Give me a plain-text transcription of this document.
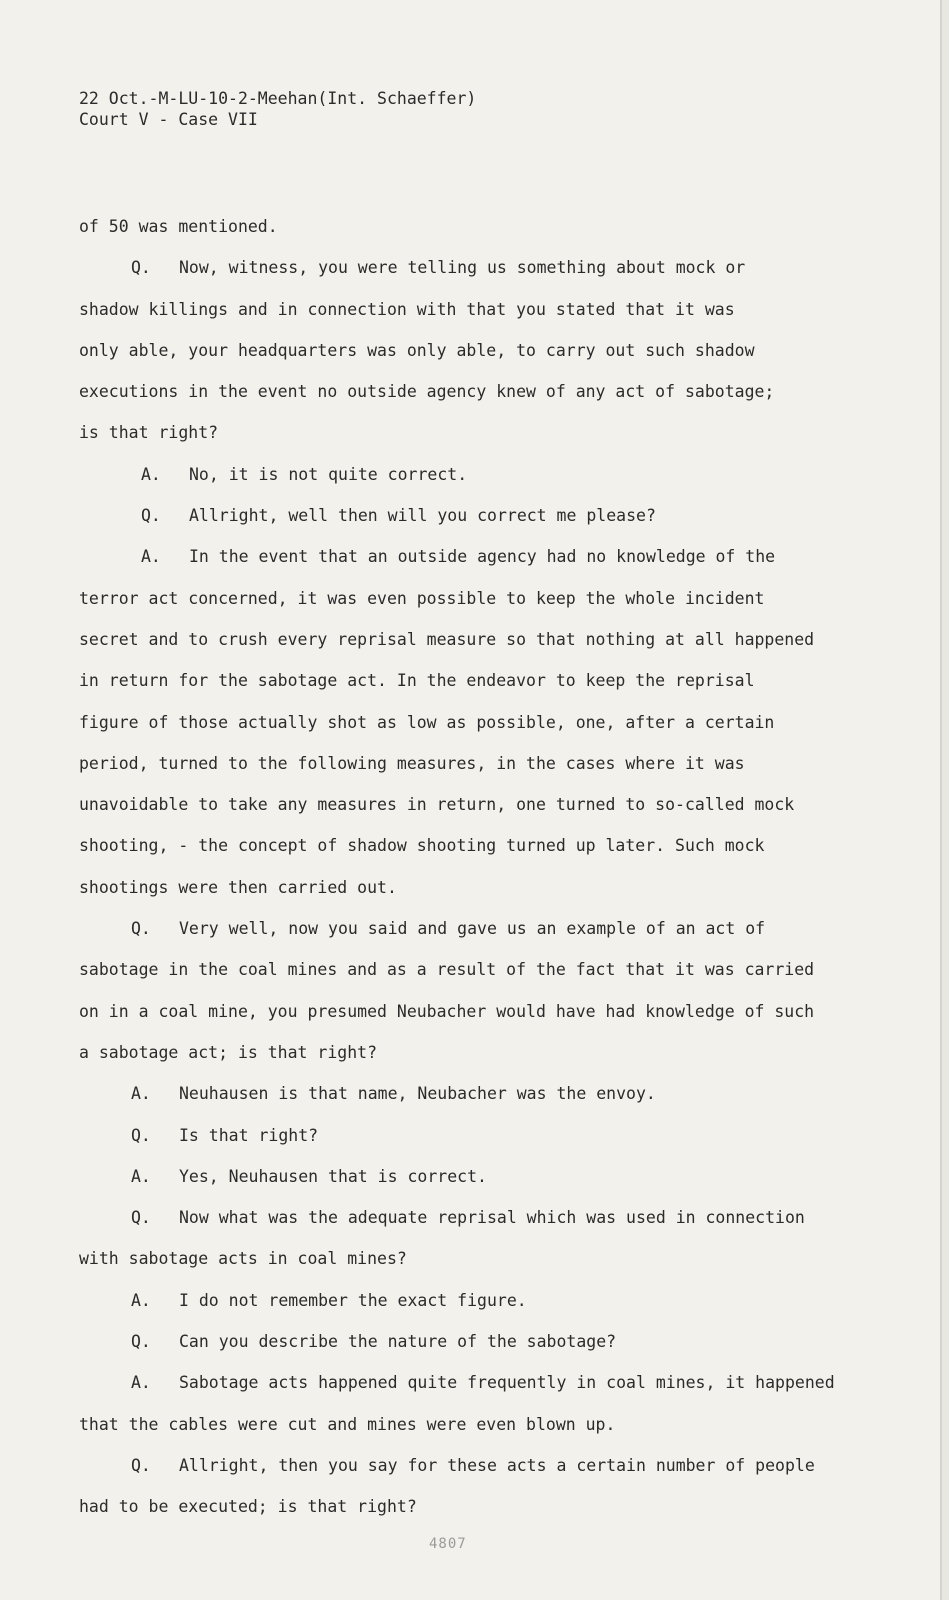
22 Oct.-M-LU-10-2-Meehan(Int. Schaeffer)
Court V - Case VII
of 50 was mentioned.
Q. Now, witness, you were telling us something about mock or
shadow killings and in connection with that you stated that it was
only able, your headquarters was only able, to carry out such shadow
executions in the event no outside agency knew of any act of sabotage;
is that right?
A. No, it is not quite correct.
Q. Allright, well then will you correct me please?
A. In the event that an outside agency had no knowledge of the
terror act concerned, it was even possible to keep the whole incident
secret and to crush every reprisal measure so that nothing at all happened
in return for the sabotage act. In the endeavor to keep the reprisal
figure of those actually shot as low as possible, one, after a certain
period, turned to the following measures, in the cases where it was
unavoidable to take any measures in return, one turned to so-called mock
shooting, - the concept of shadow shooting turned up later. Such mock
shootings were then carried out.
Q. Very well, now you said and gave us an example of an act of
sabotage in the coal mines and as a result of the fact that it was carried
on in a coal mine, you presumed Neubacher would have had knowledge of such
a sabotage act; is that right?
A. Neuhausen is that name, Neubacher was the envoy.
Q. Is that right?
A. Yes, Neuhausen that is correct.
Q. Now what was the adequate reprisal which was used in connection
with sabotage acts in coal mines?
A. I do not remember the exact figure.
Q. Can you describe the nature of the sabotage?
A. Sabotage acts happened quite frequently in coal mines, it happened
that the cables were cut and mines were even blown up.
Q. Allright, then you say for these acts a certain number of people
had to be executed; is that right?
4807
